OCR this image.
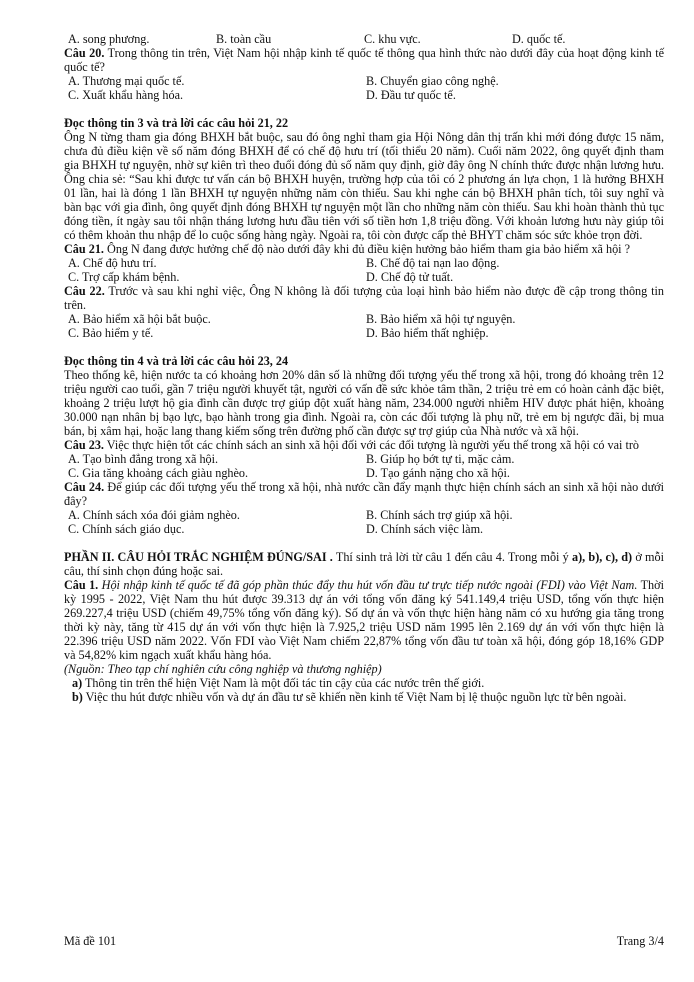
A. song phương.	B. toàn cầu	C. khu vực.	D. quốc tế.

Câu 20. Trong thông tin trên, Việt Nam hội nhập kinh tế quốc tế thông qua hình thức nào dưới đây của hoạt động kinh tế quốc tế?

A. Thương mại quốc tế.	B. Chuyển giao công nghệ.
C. Xuất khẩu hàng hóa.	D. Đầu tư quốc tế.

Đọc thông tin 3 và trả lời các câu hỏi 21, 22

Ông N từng tham gia đóng BHXH bắt buộc, sau đó ông nghỉ tham gia Hội Nông dân thị trấn khi mới đóng được 15 năm, chưa đủ điều kiện về số năm đóng BHXH để có chế độ hưu trí (tối thiểu 20 năm). Cuối năm 2022, ông quyết định tham gia BHXH tự nguyện, nhờ sự kiên trì theo đuổi đóng đủ số năm quy định, giờ đây ông N chính thức được nhận lương hưu. Ông chia sẻ: “Sau khi được tư vấn cán bộ BHXH huyện, trường hợp của tôi có 2 phương án lựa chọn, 1 là hưởng BHXH 01 lần, hai là đóng 1 lần BHXH tự nguyện những năm còn thiếu. Sau khi nghe cán bộ BHXH phân tích, tôi suy nghĩ và bàn bạc với gia đình, ông quyết định đóng BHXH tự nguyện một lần cho những năm còn thiếu. Sau khi hoàn thành thủ tục đóng tiền, ít ngày sau tôi nhận tháng lương hưu đầu tiên với số tiền hơn 1,8 triệu đồng. Với khoản lương hưu này giúp tôi có thêm khoản thu nhập để lo cuộc sống hàng ngày. Ngoài ra, tôi còn được cấp thẻ BHYT chăm sóc sức khỏe trọn đời.

Câu 21. Ông N đang được hưởng chế độ nào dưới đây khi đủ điều kiện hưởng bảo hiểm tham gia bảo hiểm xã hội ?

A. Chế độ hưu trí.	B. Chế độ tai nạn lao động.
C. Trợ cấp khám bệnh.	D. Chế độ tử tuất.

Câu 22. Trước và sau khi nghỉ việc, Ông N không là đối tượng của loại hình bảo hiểm nào được đề cập trong thông tin trên.

A. Bảo hiểm xã hội bắt buộc.	B. Bảo hiểm xã hội tự nguyện.
C. Bảo hiểm y tế.	D. Bảo hiểm thất nghiệp.

Đọc thông tin 4 và trả lời các câu hỏi 23, 24

Theo thống kê, hiện nước ta có khoảng hơn 20% dân số là những đối tượng yếu thế trong xã hội, trong đó khoảng trên 12 triệu người cao tuổi, gần 7 triệu người khuyết tật, người có vấn đề sức khỏe tâm thần, 2 triệu trẻ em có hoàn cảnh đặc biệt, khoảng 2 triệu lượt hộ gia đình cần được trợ giúp đột xuất hàng năm, 234.000 người nhiễm HIV được phát hiện, khoảng 30.000 nạn nhân bị bạo lực, bạo hành trong gia đình. Ngoài ra, còn các đối tượng là phụ nữ, trẻ em bị ngược đãi, bị mua bán, bị xâm hại, hoặc lang thang kiếm sống trên đường phố cần được sự trợ giúp của Nhà nước và xã hội.

Câu 23. Việc thực hiện tốt các chính sách an sinh xã hội đối với các đối tượng là người yếu thế trong xã hội có vai trò

A. Tạo bình đẳng trong xã hội.	B. Giúp họ bớt tự ti, mặc cảm.
C. Gia tăng khoảng cách giàu nghèo.	D. Tạo gánh nặng cho xã hội.

Câu 24. Để giúp các đối tượng yếu thế trong xã hội, nhà nước cần đẩy mạnh thực hiện chính sách an sinh xã hội nào dưới đây?

A. Chính sách xóa đói giảm nghèo.	B. Chính sách trợ giúp xã hội.
C. Chính sách giáo dục.	D. Chính sách việc làm.

PHẦN II. CÂU HỎI TRẮC NGHIỆM ĐÚNG/SAI . Thí sinh trả lời từ câu 1 đến câu 4. Trong mỗi ý a), b), c), d) ở mỗi câu, thí sinh chọn đúng hoặc sai.

Câu 1. Hội nhập kinh tế quốc tế đã góp phần thúc đẩy thu hút vốn đầu tư trực tiếp nước ngoài (FDI) vào Việt Nam. Thời kỳ 1995 - 2022, Việt Nam thu hút được 39.313 dự án với tổng vốn đăng ký 541.149,4 triệu USD, tổng vốn thực hiện 269.227,4 triệu USD (chiếm 49,75% tổng vốn đăng ký). Số dự án và vốn thực hiện hàng năm có xu hướng gia tăng trong thời kỳ này, tăng từ 415 dự án với vốn thực hiện là 7.925,2 triệu USD năm 1995 lên 2.169 dự án với vốn thực hiện là 22.396 triệu USD năm 2022. Vốn FDI vào Việt Nam chiếm 22,87% tổng vốn đầu tư toàn xã hội, đóng góp 18,16% GDP và 54,82% kim ngạch xuất khẩu hàng hóa.

(Nguồn: Theo tạp chí nghiên cứu công nghiệp và thương nghiệp)

a) Thông tin trên thể hiện Việt Nam là một đối tác tin cậy của các nước trên thế giới.

b) Việc thu hút được nhiều vốn và dự án đầu tư sẽ khiến nền kinh tế Việt Nam bị lệ thuộc nguồn lực từ bên ngoài.

Mã đề 101	Trang 3/4
